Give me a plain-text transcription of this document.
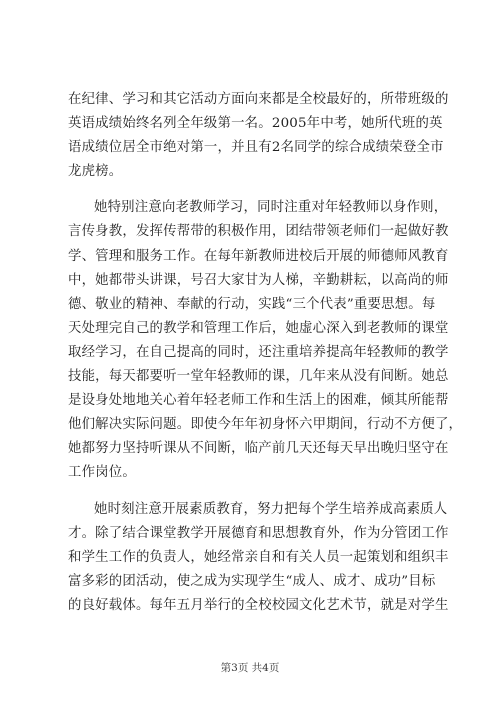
在纪律、学习和其它活动方面向来都是全校最好的，所带班级的
英语成绩始终名列全年级第一名。2005年中考，她所代班的英
语成绩位居全市绝对第一，并且有2名同学的综合成绩荣登全市
龙虎榜。
她特别注意向老教师学习，同时注重对年轻教师以身作则，
言传身教，发挥传帮带的积极作用，团结带领老师们一起做好教
学、管理和服务工作。在每年新教师进校后开展的师德师风教育
中，她都带头讲课，号召大家甘为人梯，辛勤耕耘，以高尚的师
德、敬业的精神、奉献的行动，实践“三个代表”重要思想。每
天处理完自己的教学和管理工作后，她虚心深入到老教师的课堂
取经学习，在自己提高的同时，还注重培养提高年轻教师的教学
技能，每天都要听一堂年轻教师的课，几年来从没有间断。她总
是设身处地地关心着年轻老师工作和生活上的困难，倾其所能帮
他们解决实际问题。即使今年年初身怀六甲期间，行动不方便了，
她都努力坚持听课从不间断，临产前几天还每天早出晚归坚守在
工作岗位。
她时刻注意开展素质教育，努力把每个学生培养成高素质人
才。除了结合课堂教学开展德育和思想教育外，作为分管团工作
和学生工作的负责人，她经常亲自和有关人员一起策划和组织丰
富多彩的团活动，使之成为实现学生“成人、成才、成功”目标
的良好载体。每年五月举行的全校校园文化艺术节，就是对学生
第3页 共4页
